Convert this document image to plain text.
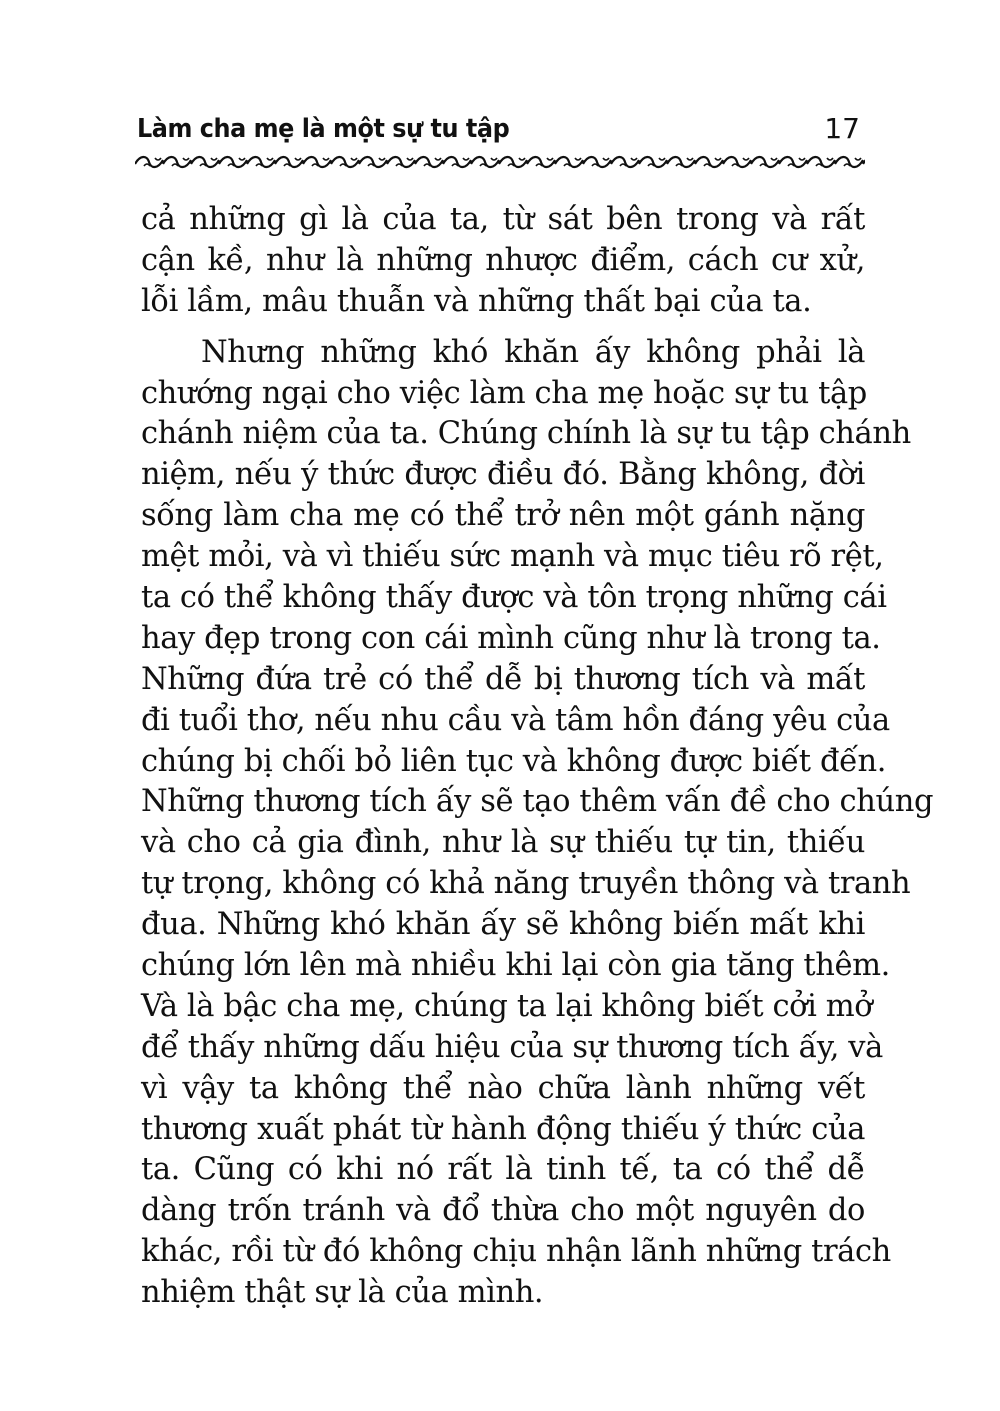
Làm cha mẹ là một sự tu tập	17

cả những gì là của ta, từ sát bên trong và rất
cận kề, như là những nhược điểm, cách cư xử,
lỗi lầm, mâu thuẫn và những thất bại của ta.

Nhưng những khó khăn ấy không phải là
chướng ngại cho việc làm cha mẹ hoặc sự tu tập
chánh niệm của ta. Chúng chính là sự tu tập chánh
niệm, nếu ý thức được điều đó. Bằng không, đời
sống làm cha mẹ có thể trở nên một gánh nặng
mệt mỏi, và vì thiếu sức mạnh và mục tiêu rõ rệt,
ta có thể không thấy được và tôn trọng những cái
hay đẹp trong con cái mình cũng như là trong ta.
Những đứa trẻ có thể dễ bị thương tích và mất
đi tuổi thơ, nếu nhu cầu và tâm hồn đáng yêu của
chúng bị chối bỏ liên tục và không được biết đến.
Những thương tích ấy sẽ tạo thêm vấn đề cho chúng
và cho cả gia đình, như là sự thiếu tự tin, thiếu
tự trọng, không có khả năng truyền thông và tranh
đua. Những khó khăn ấy sẽ không biến mất khi
chúng lớn lên mà nhiều khi lại còn gia tăng thêm.
Và là bậc cha mẹ, chúng ta lại không biết cởi mở
để thấy những dấu hiệu của sự thương tích ấy, và
vì vậy ta không thể nào chữa lành những vết
thương xuất phát từ hành động thiếu ý thức của
ta. Cũng có khi nó rất là tinh tế, ta có thể dễ
dàng trốn tránh và đổ thừa cho một nguyên do
khác, rồi từ đó không chịu nhận lãnh những trách
nhiệm thật sự là của mình.
